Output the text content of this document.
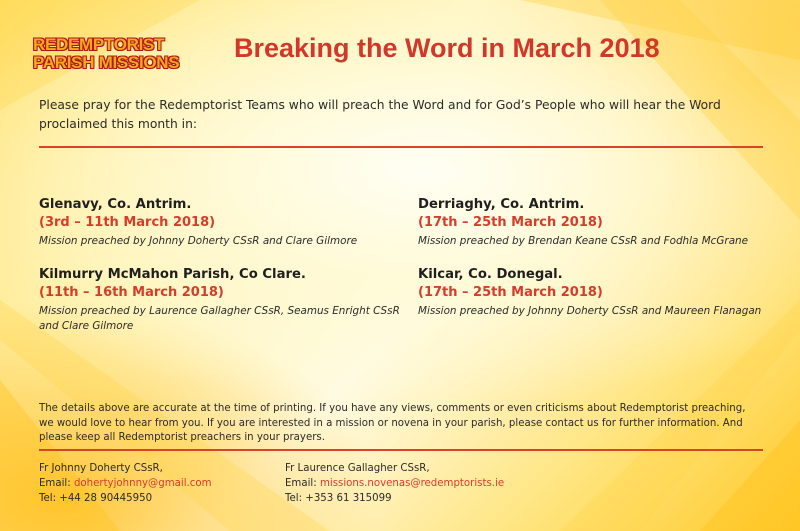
REDEMPTORIST
PARISH MISSIONS	Breaking the Word in March 2018

Please pray for the Redemptorist Teams who will preach the Word and for God’s People who will hear the Word proclaimed this month in:

Glenavy, Co. Antrim.
(3rd – 11th March 2018)
Mission preached by Johnny Doherty CSsR and Clare Gilmore
Derriaghy, Co. Antrim.
(17th – 25th March 2018)
Mission preached by Brendan Keane CSsR and Fodhla McGrane
Kilmurry McMahon Parish, Co Clare.
(11th – 16th March 2018)
Mission preached by Laurence Gallagher CSsR, Seamus Enright CSsR and Clare Gilmore
Kilcar, Co. Donegal.
(17th – 25th March 2018)
Mission preached by Johnny Doherty CSsR and Maureen Flanagan

The details above are accurate at the time of printing. If you have any views, comments or even criticisms about Redemptorist preaching, we would love to hear from you. If you are interested in a mission or novena in your parish, please contact us for further information. And please keep all Redemptorist preachers in your prayers.

Fr Johnny Doherty CSsR,
Email: dohertyjohnny@gmail.com
Tel: +44 28 90445950
Fr Laurence Gallagher CSsR,
Email: missions.novenas@redemptorists.ie
Tel: +353 61 315099
